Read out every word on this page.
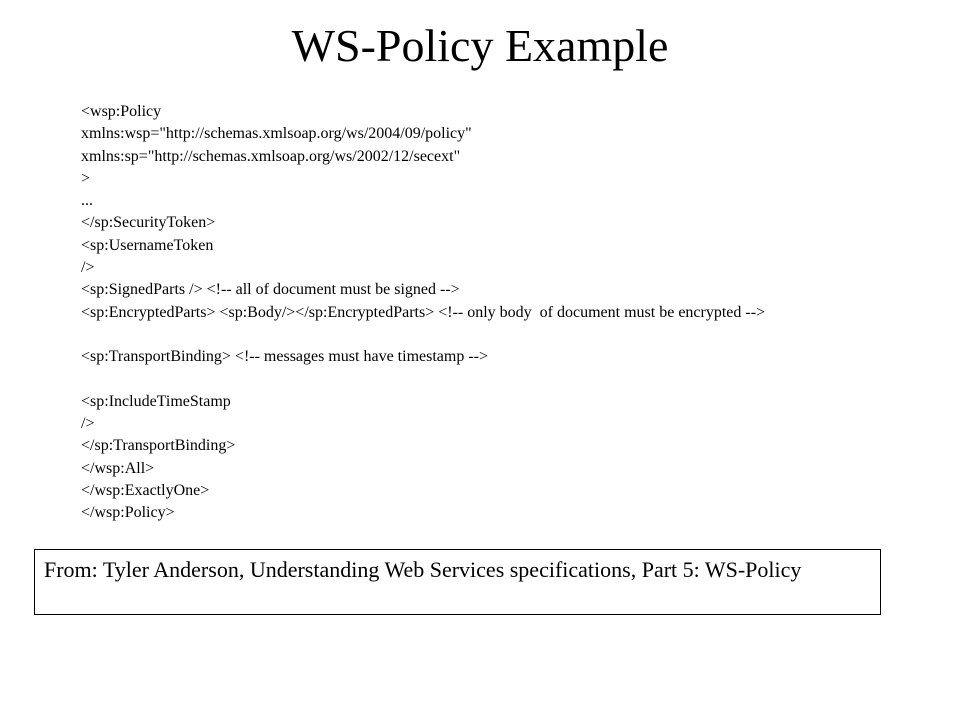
WS-Policy Example
<wsp:Policy
xmlns:wsp="http://schemas.xmlsoap.org/ws/2004/09/policy"
xmlns:sp="http://schemas.xmlsoap.org/ws/2002/12/secext"
>
...
</sp:SecurityToken>
<sp:UsernameToken
/>
<sp:SignedParts /> <!-- all of document must be signed -->
<sp:EncryptedParts> <sp:Body/></sp:EncryptedParts> <!-- only body  of document must be encrypted -->
<sp:TransportBinding> <!-- messages must have timestamp -->
<sp:IncludeTimeStamp
/>
</sp:TransportBinding>
</wsp:All>
</wsp:ExactlyOne>
</wsp:Policy>
From: Tyler Anderson, Understanding Web Services specifications, Part 5: WS-Policy
